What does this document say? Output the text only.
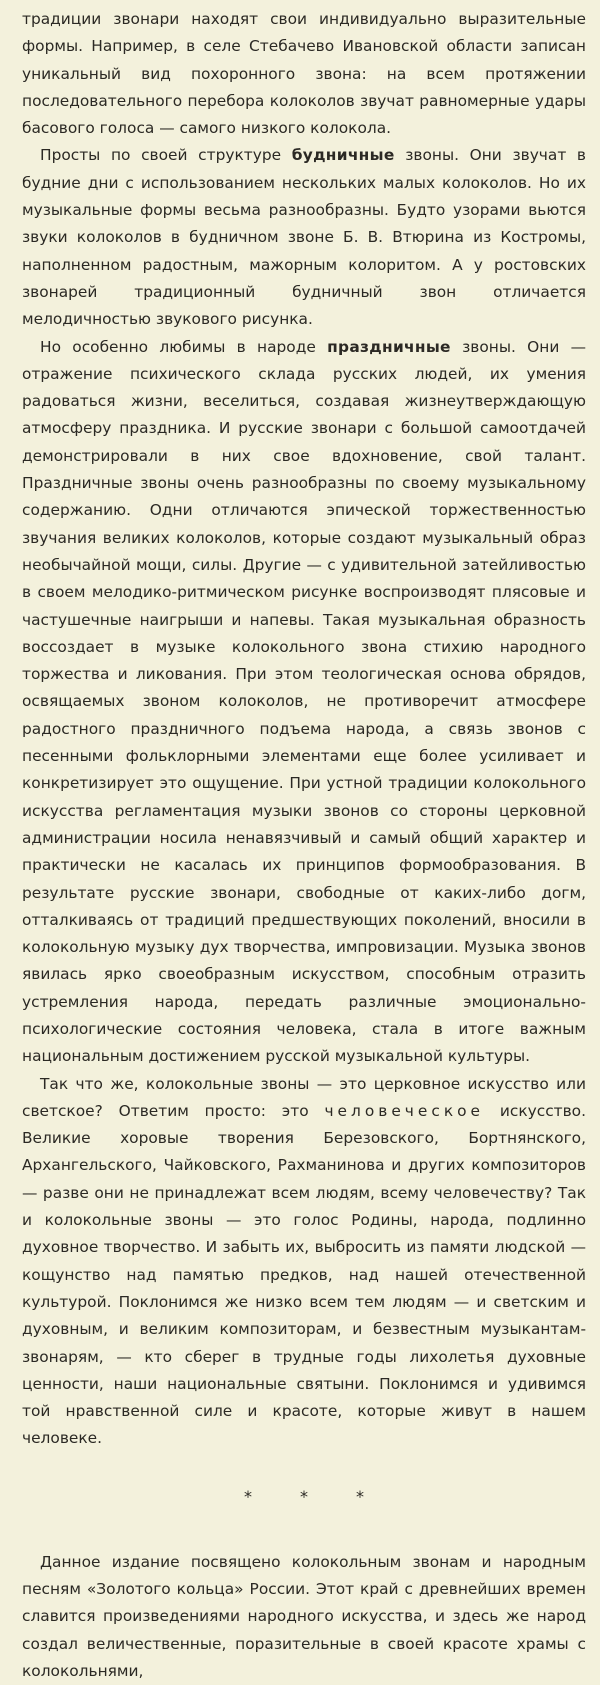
традиции звонари находят свои индивидуально выразительные формы. Например, в селе Стебачево Ивановской области записан уникальный вид похоронного звона: на всем протяжении последовательного перебора колоколов звучат равномерные удары басового голоса — самого низкого колокола.

Просты по своей структуре будничные звоны. Они звучат в будние дни с использованием нескольких малых колоколов. Но их музыкальные формы весьма разнообразны. Будто узорами вьются звуки колоколов в будничном звоне Б. В. Втюрина из Костромы, наполненном радостным, мажорным колоритом. А у ростовских звонарей традиционный будничный звон отличается мелодичностью звукового рисунка.

Но особенно любимы в народе праздничные звоны. Они — отражение психического склада русских людей, их умения радоваться жизни, веселиться, создавая жизнеутверждающую атмосферу праздника. И русские звонари с большой самоотдачей демонстрировали в них свое вдохновение, свой талант. Праздничные звоны очень разнообразны по своему музыкальному содержанию. Одни отличаются эпической торжественностью звучания великих колоколов, которые создают музыкальный образ необычайной мощи, силы. Другие — с удивительной затейливостью в своем мелодико-ритмическом рисунке воспроизводят плясовые и частушечные наигрыши и напевы. Такая музыкальная образность воссоздает в музыке колокольного звона стихию народного торжества и ликования. При этом теологическая основа обрядов, освящаемых звоном колоколов, не противоречит атмосфере радостного праздничного подъема народа, а связь звонов с песенными фольклорными элементами еще более усиливает и конкретизирует это ощущение. При устной традиции колокольного искусства регламентация музыки звонов со стороны церковной администрации носила ненавязчивый и самый общий характер и практически не касалась их принципов формообразования. В результате русские звонари, свободные от каких-либо догм, отталкиваясь от традиций предшествующих поколений, вносили в колокольную музыку дух творчества, импровизации. Музыка звонов явилась ярко своеобразным искусством, способным отразить устремления народа, передать различные эмоционально-психологические состояния человека, стала в итоге важным национальным достижением русской музыкальной культуры.

Так что же, колокольные звоны — это церковное искусство или светское? Ответим просто: это человеческое искусство. Великие хоровые творения Березовского, Бортнянского, Архангельского, Чайковского, Рахманинова и других композиторов — разве они не принадлежат всем людям, всему человечеству? Так и колокольные звоны — это голос Родины, народа, подлинно духовное творчество. И забыть их, выбросить из памяти людской — кощунство над памятью предков, над нашей отечественной культурой. Поклонимся же низко всем тем людям — и светским и духовным, и великим композиторам, и безвестным музыкантам-звонарям, — кто сберег в трудные годы лихолетья духовные ценности, наши национальные святыни. Поклонимся и удивимся той нравственной силе и красоте, которые живут в нашем человеке.

*	*	*

Данное издание посвящено колокольным звонам и народным песням «Золотого кольца» России. Этот край с древнейших времен славится произведениями народного искусства, и здесь же народ создал величественные, поразительные в своей красоте храмы с колокольнями,
